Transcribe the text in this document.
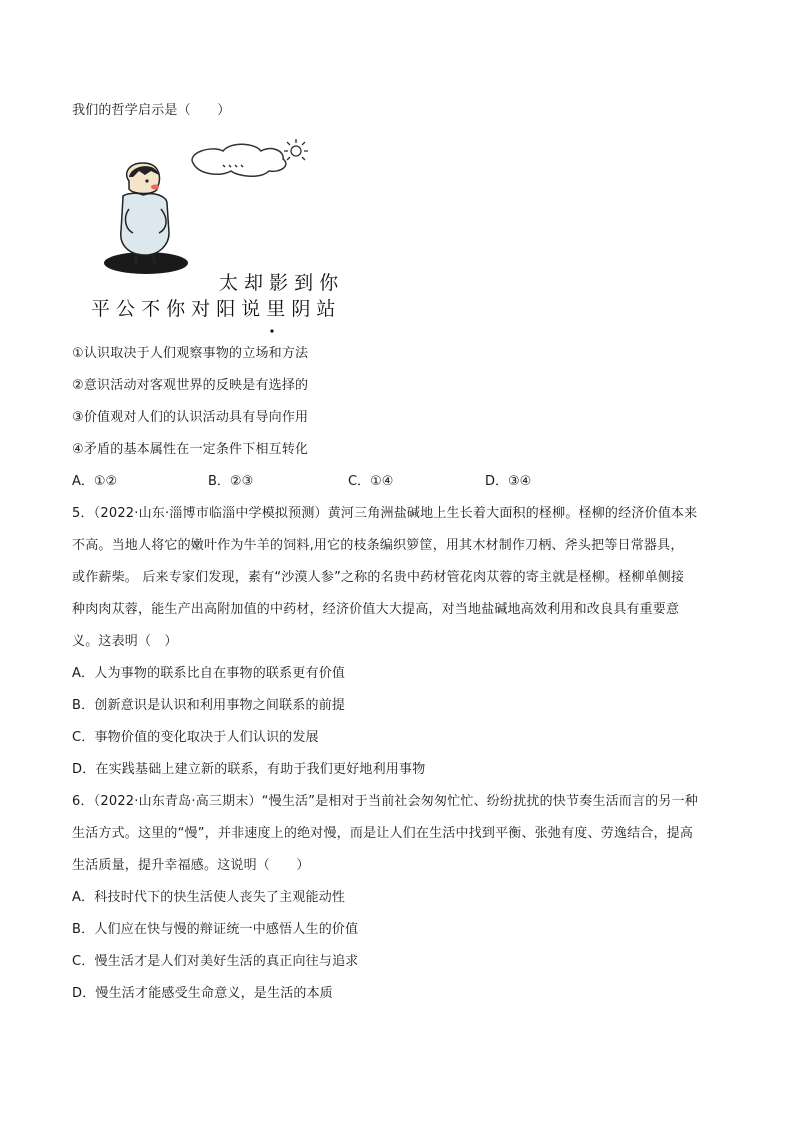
我们的哲学启示是（　　）
太 却 影 到 你
平 公 不 你 对 阳 说 里 阴 站
①认识取决于人们观察事物的立场和方法
②意识活动对客观世界的反映是有选择的
③价值观对人们的认识活动具有导向作用
④矛盾的基本属性在一定条件下相互转化
A．①②	B．②③	C．①④	D．③④
5．（2022·山东·淄博市临淄中学模拟预测）黄河三角洲盐碱地上生长着大面积的柽柳。柽柳的经济价值本来
不高。当地人将它的嫩叶作为牛羊的饲料,用它的枝条编织箩筐，用其木材制作刀柄、斧头把等日常器具，
或作薪柴。 后来专家们发现，素有“沙漠人参”之称的名贵中药材管花肉苁蓉的寄主就是柽柳。柽柳单侧接
种肉肉苁蓉，能生产出高附加值的中药材，经济价值大大提高，对当地盐碱地高效利用和改良具有重要意
义。这表明（　）
A．人为事物的联系比自在事物的联系更有价值
B．创新意识是认识和利用事物之间联系的前提
C．事物价值的变化取决于人们认识的发展
D．在实践基础上建立新的联系，有助于我们更好地利用事物
6．（2022·山东青岛·高三期末）“慢生活”是相对于当前社会匆匆忙忙、纷纷扰扰的快节奏生活而言的另一种
生活方式。这里的“慢”，并非速度上的绝对慢，而是让人们在生活中找到平衡、张弛有度、劳逸结合，提高
生活质量，提升幸福感。这说明（　　）
A．科技时代下的快生活使人丧失了主观能动性
B．人们应在快与慢的辩证统一中感悟人生的价值
C．慢生活才是人们对美好生活的真正向往与追求
D．慢生活才能感受生命意义，是生活的本质
